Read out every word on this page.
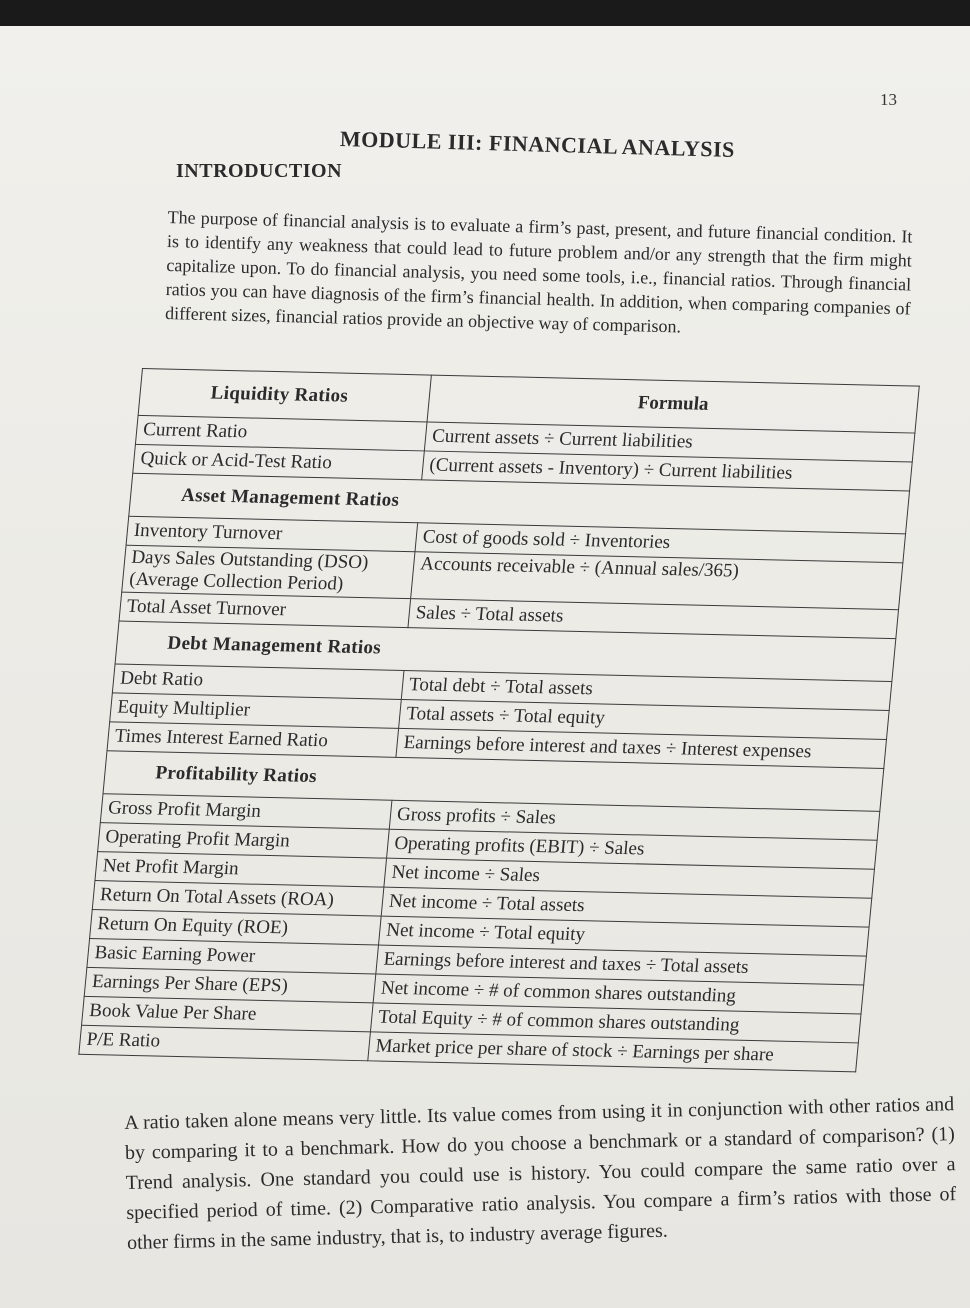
13
MODULE III: FINANCIAL ANALYSIS
INTRODUCTION
The purpose of financial analysis is to evaluate a firm’s past, present, and future financial condition. It is to identify any weakness that could lead to future problem and/or any strength that the firm might capitalize upon. To do financial analysis, you need some tools, i.e., financial ratios. Through financial ratios you can have diagnosis of the firm’s financial health. In addition, when comparing companies of different sizes, financial ratios provide an objective way of comparison.
Liquidity Ratios	Formula

Current Ratio	Current assets ÷ Current liabilities

Quick or Acid-Test Ratio	(Current assets - Inventory) ÷ Current liabilities
Asset Management Ratios	

Inventory Turnover	Cost of goods sold ÷ Inventories

Days Sales Outstanding (DSO)
(Average Collection Period)	Accounts receivable ÷ (Annual sales/365)

Total Asset Turnover	Sales ÷ Total assets
Debt Management Ratios	

Debt Ratio	Total debt ÷ Total assets

Equity Multiplier	Total assets ÷ Total equity

Times Interest Earned Ratio	Earnings before interest and taxes ÷ Interest expenses
Profitability Ratios	

Gross Profit Margin	Gross profits ÷ Sales

Operating Profit Margin	Operating profits (EBIT) ÷ Sales

Net Profit Margin	Net income ÷ Sales

Return On Total Assets (ROA)	Net income ÷ Total assets

Return On Equity (ROE)	Net income ÷ Total equity

Basic Earning Power	Earnings before interest and taxes ÷ Total assets

Earnings Per Share (EPS)	Net income ÷ # of common shares outstanding

Book Value Per Share	Total Equity ÷ # of common shares outstanding

P/E Ratio	Market price per share of stock ÷ Earnings per share
A ratio taken alone means very little. Its value comes from using it in conjunction with other ratios and by comparing it to a benchmark. How do you choose a benchmark or a standard of comparison? (1) Trend analysis. One standard you could use is history. You could compare the same ratio over a specified period of time. (2) Comparative ratio analysis. You compare a firm’s ratios with those of other firms in the same industry, that is, to industry average figures.
